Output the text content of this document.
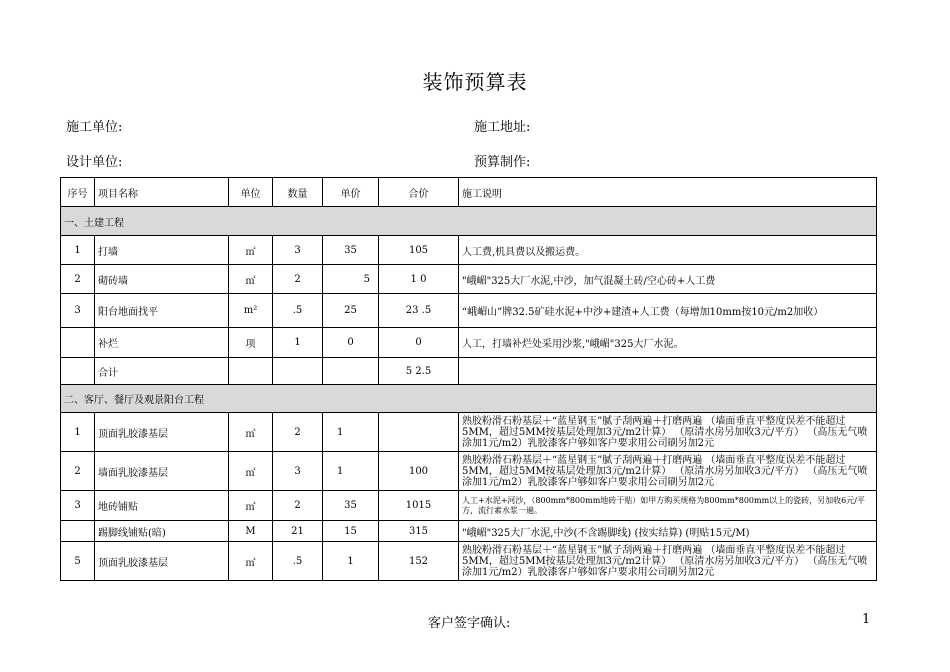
装饰预算表
施工单位:	施工地址:
设计单位:	预算制作:
序号	项目名称	单位	数量	单价	合价	施工说明
一、土建工程						
1	打墙	㎡	3	35	105	人工费,机具费以及搬运费。
2	砌砖墙	㎡	2	5	1 0	"峨嵋"325大厂水泥,中沙，加气混凝土砖/空心砖+人工费
3	阳台地面找平	m²	.5	25	23 .5	“峨嵋山”牌32.5矿硅水泥+中沙+建渣+人工费（每增加10mm按10元/m2加收）
	补烂	项	1	0	0	人工，打墙补烂处采用沙浆,"峨嵋"325大厂水泥。
	合计				5 2.5	
二、客厅、餐厅及观景阳台工程						
1	顶面乳胶漆基层	㎡	2	1		熟胶粉滑石粉基层＋“蓝星钢玉”腻子刮两遍＋打磨两遍 （墙面垂直平整度误差不能超过5MM，超过5MM按基层处理加3元/m2计算） （原清水房另加收3元/平方） （高压无气喷涂加1元/m2）乳胶漆客户够如客户要求用公司刷另加2元
2	墙面乳胶漆基层	㎡	3	1	100	熟胶粉滑石粉基层＋“蓝星钢玉”腻子刮两遍＋打磨两遍 （墙面垂直平整度误差不能超过5MM，超过5MM按基层处理加3元/m2计算） （原清水房另加收3元/平方） （高压无气喷涂加1元/m2）乳胶漆客户够如客户要求用公司刷另加2元
3	地砖铺贴	㎡	2	35	1015	人工+水泥+河沙，（800mm*800mm地砖干贴）如甲方购买规格为800mm*800mm以上的瓷砖，另加收6元/平方，流行素水浆一遍。
	踢脚线铺贴(暗)	M	21	15	315	"峨嵋"325大厂水泥,中沙(不含踢脚线) (按实结算) (明贴15元/M)
5	顶面乳胶漆基层	㎡	.5	1	152	熟胶粉滑石粉基层＋“蓝星钢玉”腻子刮两遍＋打磨两遍 （墙面垂直平整度误差不能超过5MM，超过5MM按基层处理加3元/m2计算） （原清水房另加收3元/平方） （高压无气喷涂加1元/m2）乳胶漆客户够如客户要求用公司刷另加2元
客户签字确认:	1
